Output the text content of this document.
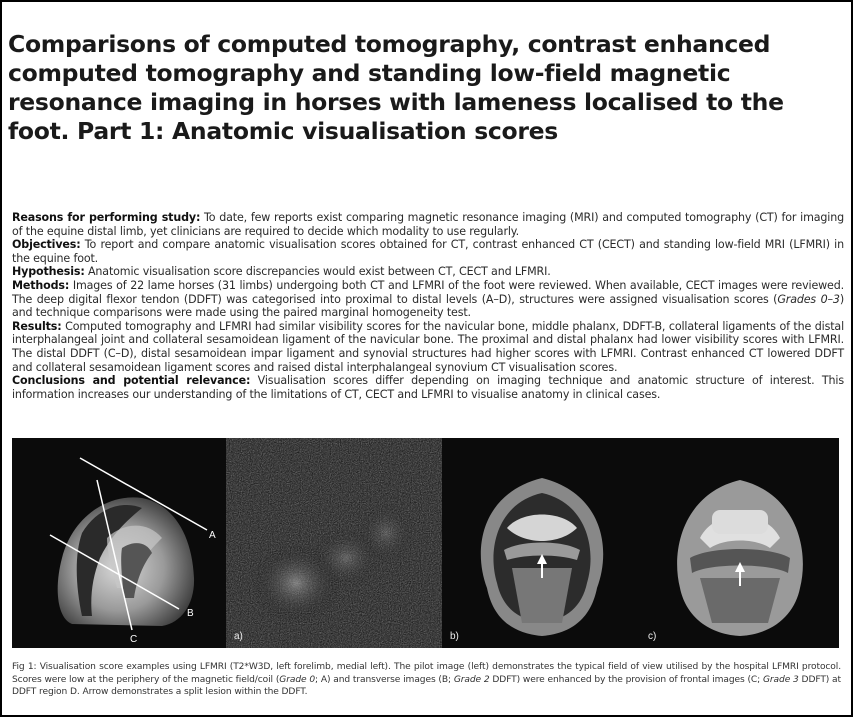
Comparisons of computed tomography, contrast enhanced computed tomography and standing low-field magnetic resonance imaging in horses with lameness localised to the foot. Part 1: Anatomic visualisation scores

Reasons for performing study: To date, few reports exist comparing magnetic resonance imaging (MRI) and computed tomography (CT) for imaging of the equine distal limb, yet clinicians are required to decide which modality to use regularly.

Objectives: To report and compare anatomic visualisation scores obtained for CT, contrast enhanced CT (CECT) and standing low-field MRI (LFMRI) in the equine foot.

Hypothesis: Anatomic visualisation score discrepancies would exist between CT, CECT and LFMRI.

Methods: Images of 22 lame horses (31 limbs) undergoing both CT and LFMRI of the foot were reviewed. When available, CECT images were reviewed. The deep digital flexor tendon (DDFT) was categorised into proximal to distal levels (A–D), structures were assigned visualisation scores (Grades 0–3) and technique comparisons were made using the paired marginal homogeneity test.

Results: Computed tomography and LFMRI had similar visibility scores for the navicular bone, middle phalanx, DDFT-B, collateral ligaments of the distal interphalangeal joint and collateral sesamoidean ligament of the navicular bone. The proximal and distal phalanx had lower visibility scores with LFMRI. The distal DDFT (C–D), distal sesamoidean impar ligament and synovial structures had higher scores with LFMRI. Contrast enhanced CT lowered DDFT and collateral sesamoidean ligament scores and raised distal interphalangeal synovium CT visualisation scores.

Conclusions and potential relevance: Visualisation scores differ depending on imaging technique and anatomic structure of interest. This information increases our understanding of the limitations of CT, CECT and LFMRI to visualise anatomy in clinical cases.

A
B
C	a)	b)	c)
Fig 1: Visualisation score examples using LFMRI (T2*W3D, left forelimb, medial left). The pilot image (left) demonstrates the typical field of view utilised by the hospital LFMRI protocol. Scores were low at the periphery of the magnetic field/coil (Grade 0; A) and transverse images (B; Grade 2 DDFT) were enhanced by the provision of frontal images (C; Grade 3 DDFT) at DDFT region D. Arrow demonstrates a split lesion within the DDFT.
